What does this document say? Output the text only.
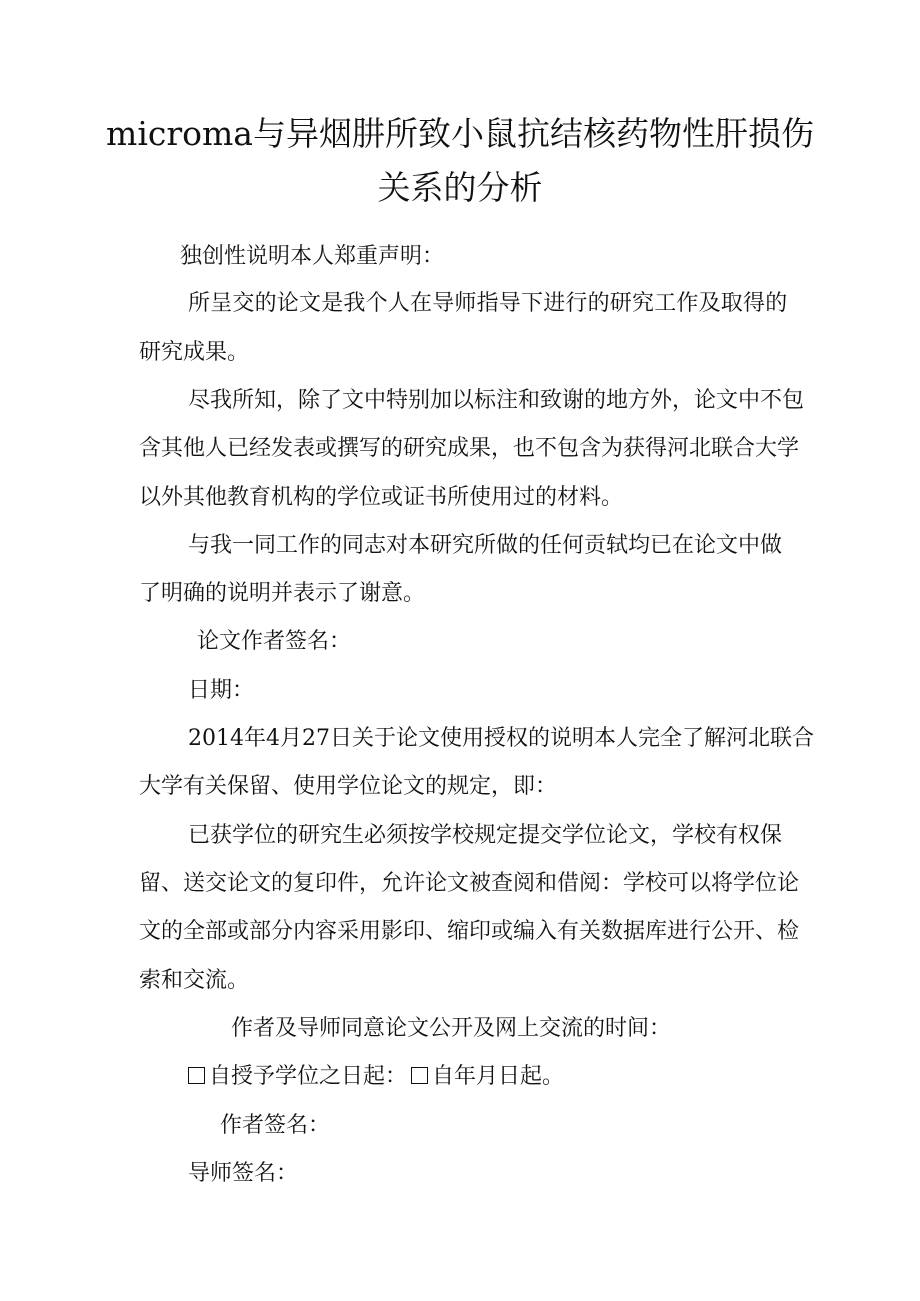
microma与异烟肼所致小鼠抗结核药物性肝损伤
关系的分析
独创性说明本人郑重声明：
所呈交的论文是我个人在导师指导下进行的研究工作及取得的
研究成果。
尽我所知，除了文中特别加以标注和致谢的地方外，论文中不包
含其他人已经发表或撰写的研究成果，也不包含为获得河北联合大学
以外其他教育机构的学位或证书所使用过的材料。
与我一同工作的同志对本研究所做的任何贡轼均已在论文中做
了明确的说明并表示了谢意。
论文作者签名：
日期：
2014年4月27日关于论文使用授权的说明本人完全了解河北联合
大学有关保留、使用学位论文的规定，即：
已获学位的研究生必须按学校规定提交学位论文，学校有权保
留、送交论文的复印件，允许论文被查阅和借阅：学校可以将学位论
文的全部或部分内容采用影印、缩印或编入有关数据库进行公开、检
索和交流。
作者及导师同意论文公开及网上交流的时间：
自授予学位之日起： 自年月日起。
作者签名：
导师签名：
